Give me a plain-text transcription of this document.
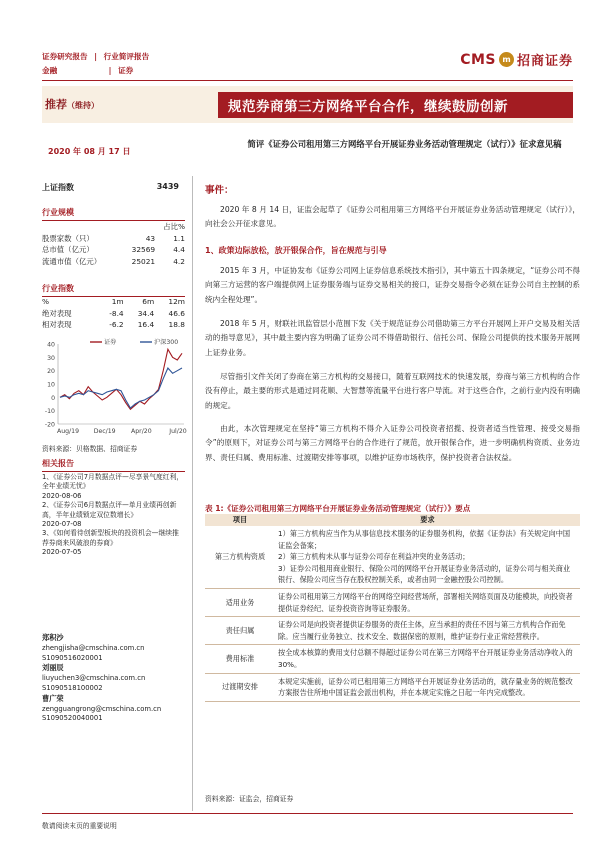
证券研究报告 | 行业简评报告
金融	| 证券
CMS m 招商证券
推荐（维持）	规范券商第三方网络平台合作，继续鼓励创新
2020 年 08 月 17 日
简评《证券公司租用第三方网络平台开展证券业务活动管理规定（试行）》征求意见稿
上证指数	3439
行业规模
		占比%
股票家数（只）	43	1.1
总市值（亿元）	32569	4.4
流通市值（亿元）	25021	4.2
行业指数
%	1m	6m	12m
绝对表现	-8.4	34.4	46.6
相对表现	-6.2	16.4	18.8
40
30
20
10
0
-10
-20
Aug/19 Dec/19 Apr/20	Jul/20
证券	沪深300
资料来源：贝格数据、招商证券
相关报告
1、《证券公司7月数据点评—尽享景气度红利，全年业绩无忧》
2020-08-06
2、《证券公司6月数据点评—单月业绩再创新高，半年业绩锁定双位数增长》
2020-07-08
3、《如何看待创新型板块的投资机会—继续推荐券商来风破浪的券商》
2020-07-05
郑积沙
zhengjisha@cmschina.com.cn
S1090516020001
刘丽辰
liuyuchen3@cmschina.com.cn
S1090518100002
曹广荣
zengguangrong@cmschina.com.cn
S1090520040001
事件：
2020 年 8 月 14 日，证监会起草了《证券公司租用第三方网络平台开展证券业务活动管理规定（试行）》，向社会公开征求意见。
1、政策边际放松，放开银保合作，旨在规范与引导
2015 年 3 月，中证协发布《证券公司网上证券信息系统技术指引》，其中第五十四条规定，“证券公司不得向第三方运营的客户端提供网上证券服务端与证券交易相关的接口，证券交易指令必须在证券公司自主控制的系统内全程处理”。
2018 年 5 月，财联社讯监管层小范围下发《关于规范证券公司借助第三方平台开展网上开户交易及相关活动的指导意见》，其中最主要内容为明确了证券公司不得借助银行、信托公司、保险公司提供的技术服务开展网上证券业务。
尽管指引文件关闭了券商在第三方机构的交易接口，随着互联网技术的快速发展，券商与第三方机构的合作没有停止，最主要的形式是通过同花顺、大智慧等流量平台进行客户导流。对于这些合作，之前行业内没有明确的规定。
由此，本次管理规定在坚持“第三方机构不得介入证券公司投资者招揽、投资者适当性管理、接受交易指令”的原则下，对证券公司与第三方网络平台的合作进行了规范，放开银保合作，进一步明确机构资质、业务边界、责任归属、费用标准、过渡期安排等事项，以维护证券市场秩序，保护投资者合法权益。
表 1:《证券公司租用第三方网络平台开展证券业务活动管理规定（试行）》要点
项目	要求
第三方机构资质	1）第三方机构应当作为从事信息技术服务的证券服务机构，依据《证券法》有关规定向中国证监会备案；
2）第三方机构未从事与证券公司存在利益冲突的业务活动；
3）证券公司租用商业银行、保险公司的网络平台开展证券业务活动的，证券公司与相关商业银行、保险公司应当存在股权控制关系，或者由同一金融控股公司控制。
适用业务	证券公司租用第三方网络平台的网络空间经营场所，部署相关网络页面及功能模块，向投资者提供证券经纪、证券投资咨询等证券服务。
责任归属	证券公司是向投资者提供证券服务的责任主体，应当承担的责任不因与第三方机构合作而免除。应当履行业务独立、技术安全、数据保密的原则，维护证券行业正常经营秩序。
费用标准	按全成本核算的费用支付总额不得超过证券公司在第三方网络平台开展证券业务活动净收入的 30%。
过渡期安排	本规定实施前，证券公司已租用第三方网络平台开展证券业务活动的，就存量业务的规范整改方案报告住所地中国证监会派出机构，并在本规定实施之日起一年内完成整改。
资料来源：证监会，招商证券
敬请阅读末页的重要说明
